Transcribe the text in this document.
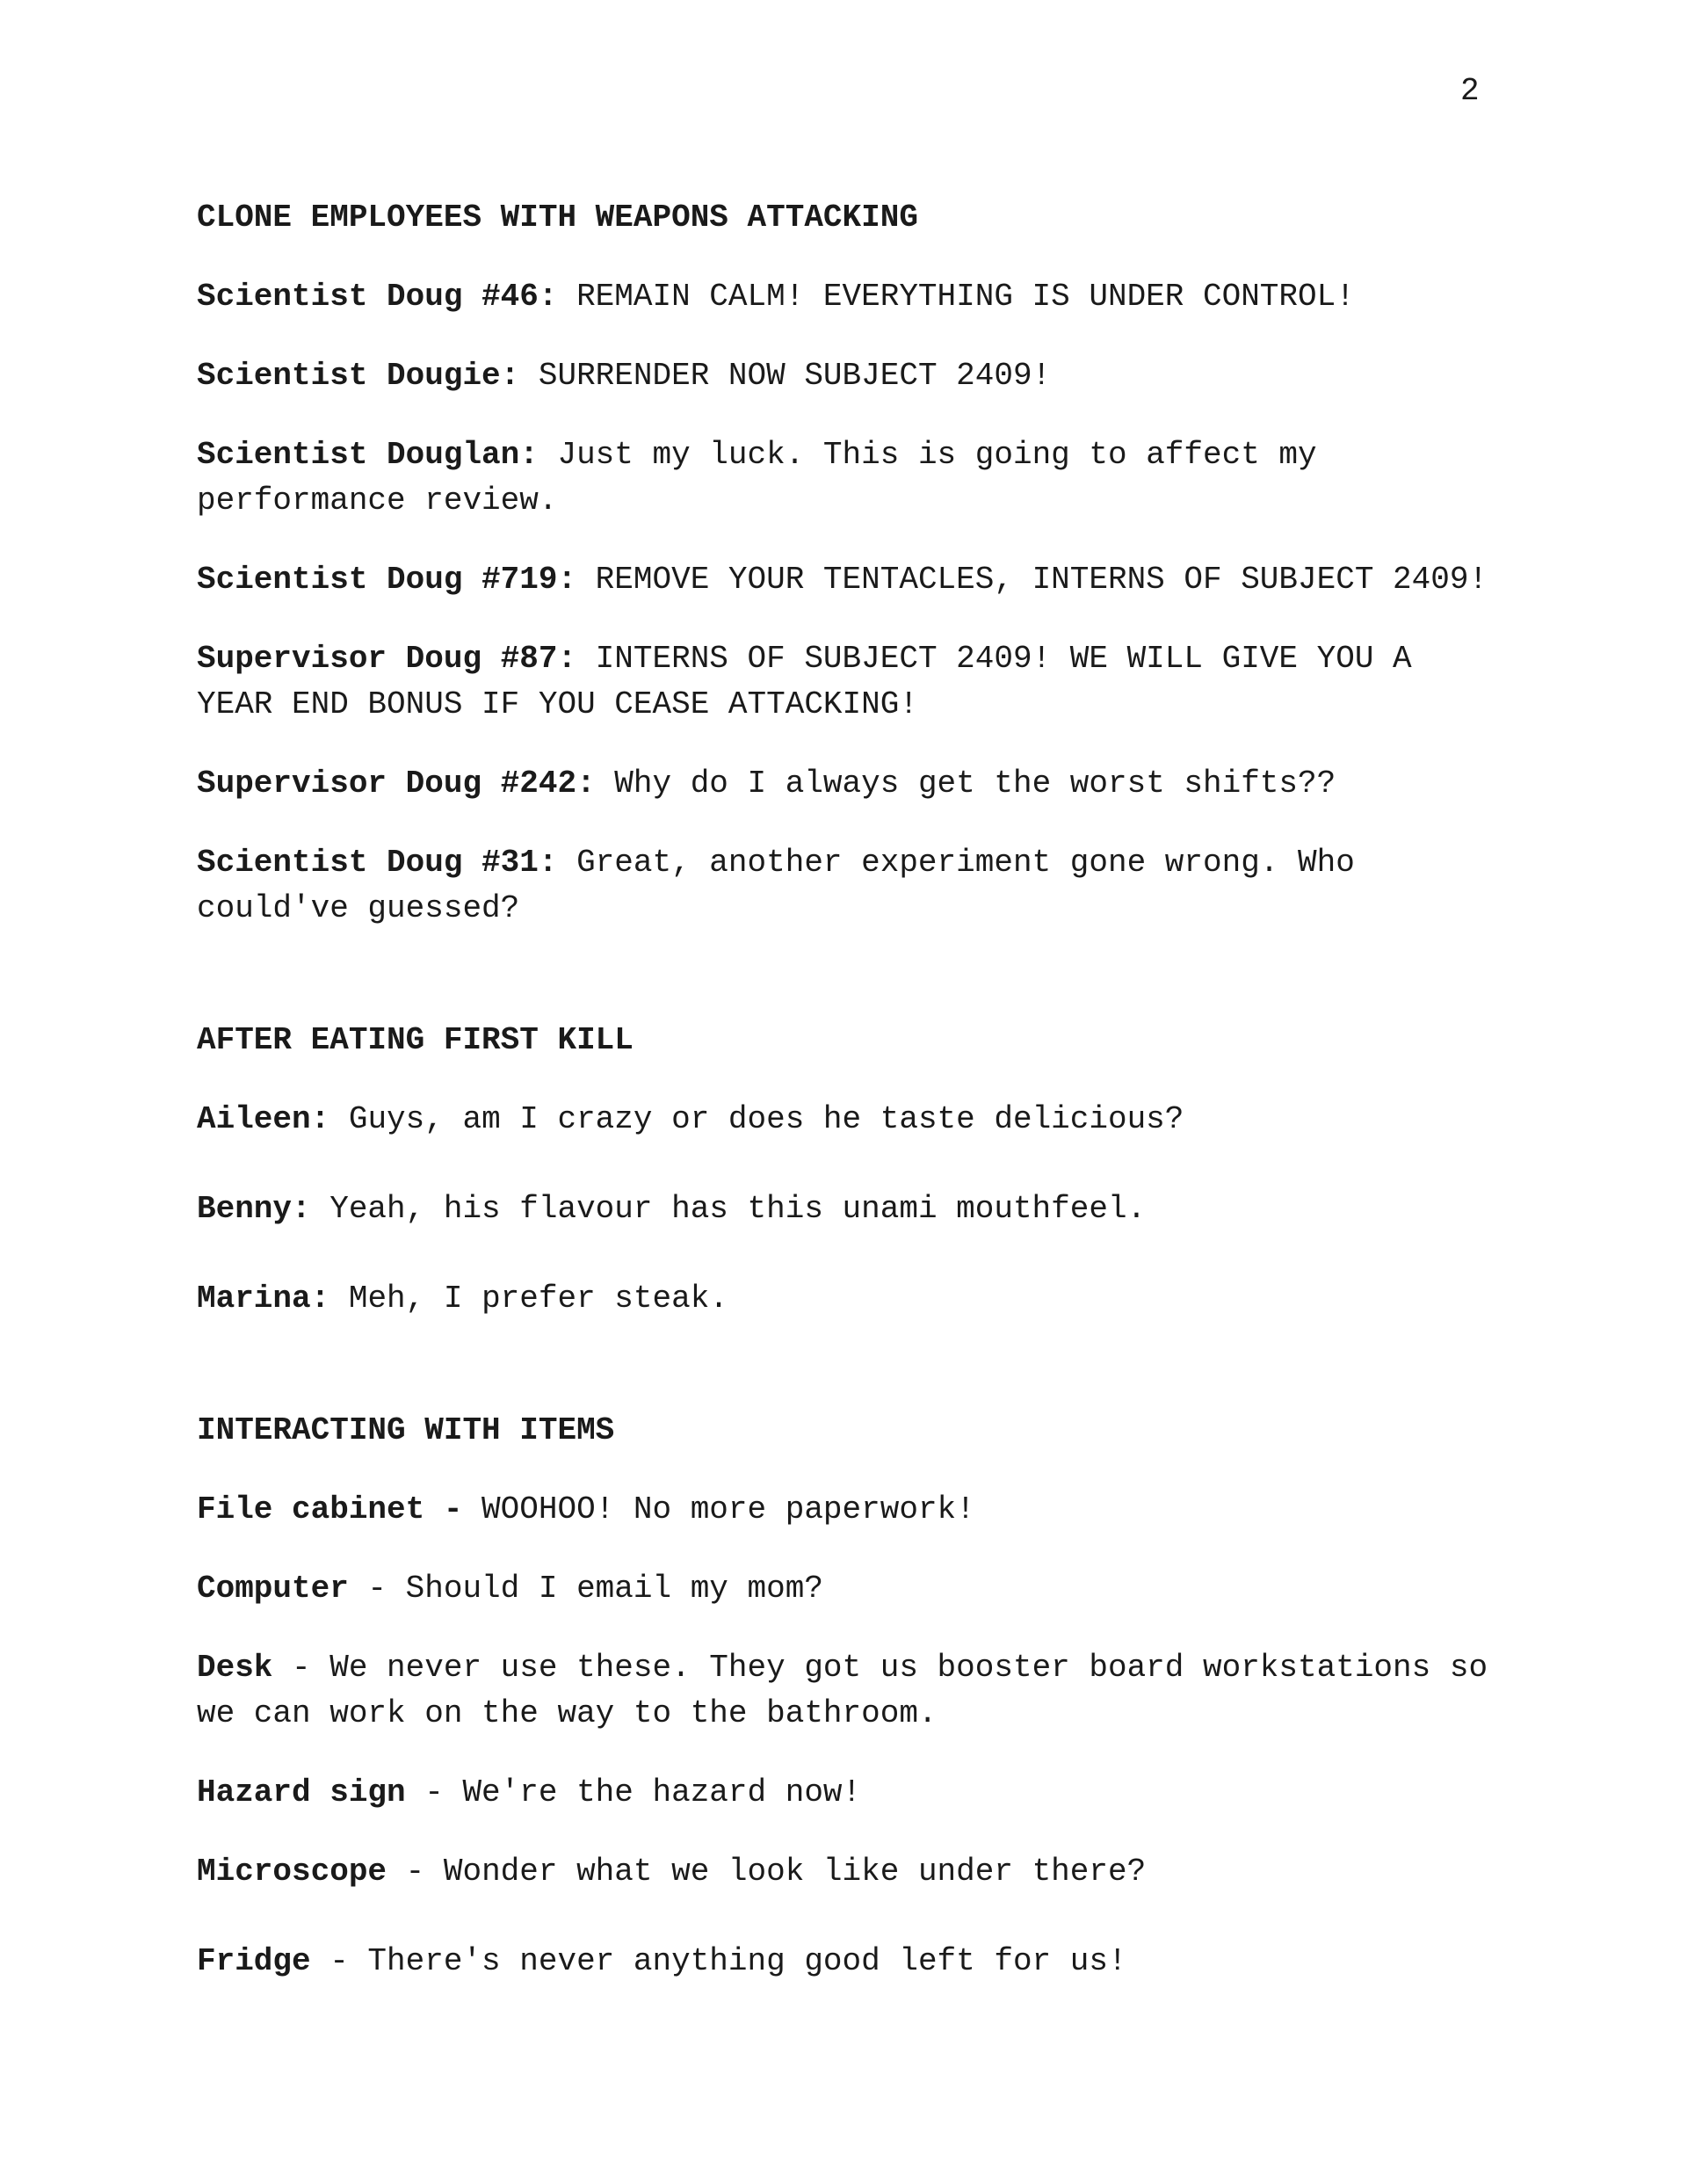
2

CLONE EMPLOYEES WITH WEAPONS ATTACKING

Scientist Doug #46: REMAIN CALM! EVERYTHING IS UNDER CONTROL!

Scientist Dougie: SURRENDER NOW SUBJECT 2409!

Scientist Douglan: Just my luck. This is going to affect my performance review.

Scientist Doug #719: REMOVE YOUR TENTACLES, INTERNS OF SUBJECT 2409!

Supervisor Doug #87: INTERNS OF SUBJECT 2409! WE WILL GIVE YOU A YEAR END BONUS IF YOU CEASE ATTACKING!

Supervisor Doug #242: Why do I always get the worst shifts??

Scientist Doug #31: Great, another experiment gone wrong. Who could've guessed?

AFTER EATING FIRST KILL

Aileen: Guys, am I crazy or does he taste delicious?

Benny: Yeah, his flavour has this unami mouthfeel.

Marina: Meh, I prefer steak.

INTERACTING WITH ITEMS

File cabinet - WOOHOO! No more paperwork!

Computer - Should I email my mom?

Desk - We never use these. They got us booster board workstations so we can work on the way to the bathroom.

Hazard sign - We're the hazard now!

Microscope - Wonder what we look like under there?

Fridge - There's never anything good left for us!
